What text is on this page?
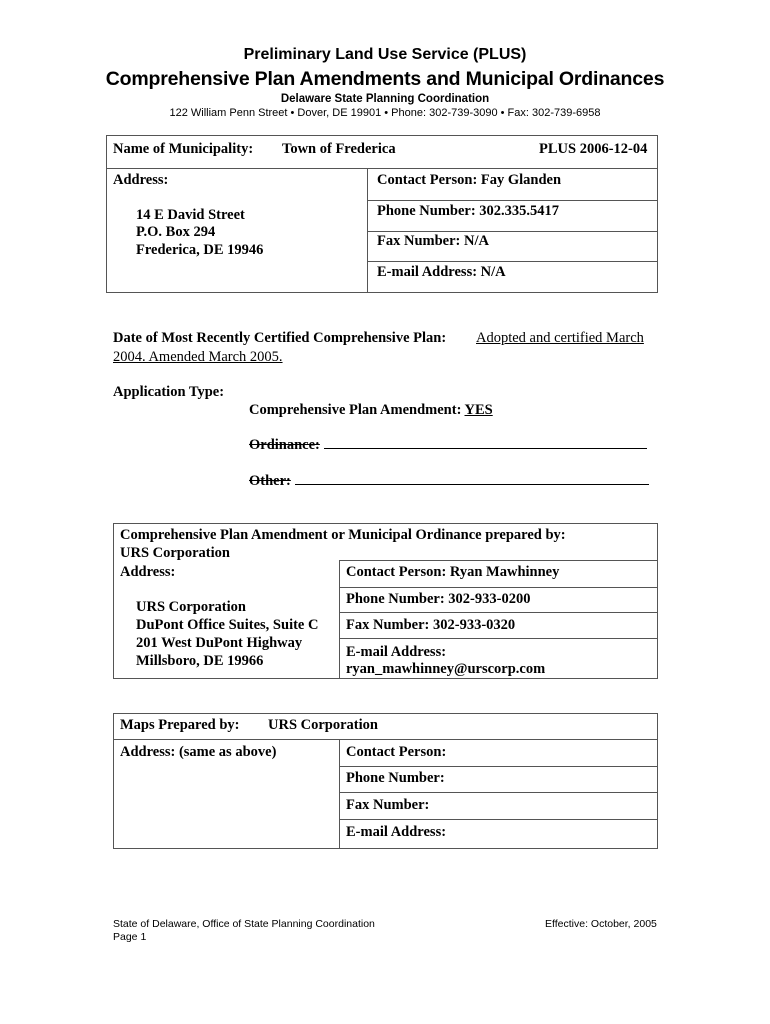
Preliminary Land Use Service (PLUS)
Comprehensive Plan Amendments and Municipal Ordinances
Delaware State Planning Coordination
122 William Penn Street • Dover, DE 19901 • Phone: 302-739-3090 • Fax: 302-739-6958
Name of Municipality: Town of Frederica	PLUS 2006-12-04
Address:
14 E David Street
P.O. Box 294
Frederica, DE 19946
Contact Person: Fay Glanden
Phone Number: 302.335.5417
Fax Number: N/A
E-mail Address: N/A
Date of Most Recently Certified Comprehensive Plan: Adopted and certified March
2004. Amended March 2005.
Application Type:
Comprehensive Plan Amendment: YES
Ordinance:
Other:
Comprehensive Plan Amendment or Municipal Ordinance prepared by:
URS Corporation
Address:
URS Corporation
DuPont Office Suites, Suite C
201 West DuPont Highway
Millsboro, DE 19966
Contact Person: Ryan Mawhinney
Phone Number: 302-933-0200
Fax Number: 302-933-0320
E-mail Address:
ryan_mawhinney@urscorp.com
Maps Prepared by: URS Corporation
Address: (same as above)	Contact Person:
Phone Number:
Fax Number:
E-mail Address:
State of Delaware, Office of State Planning Coordination
Page 1
Effective: October, 2005
